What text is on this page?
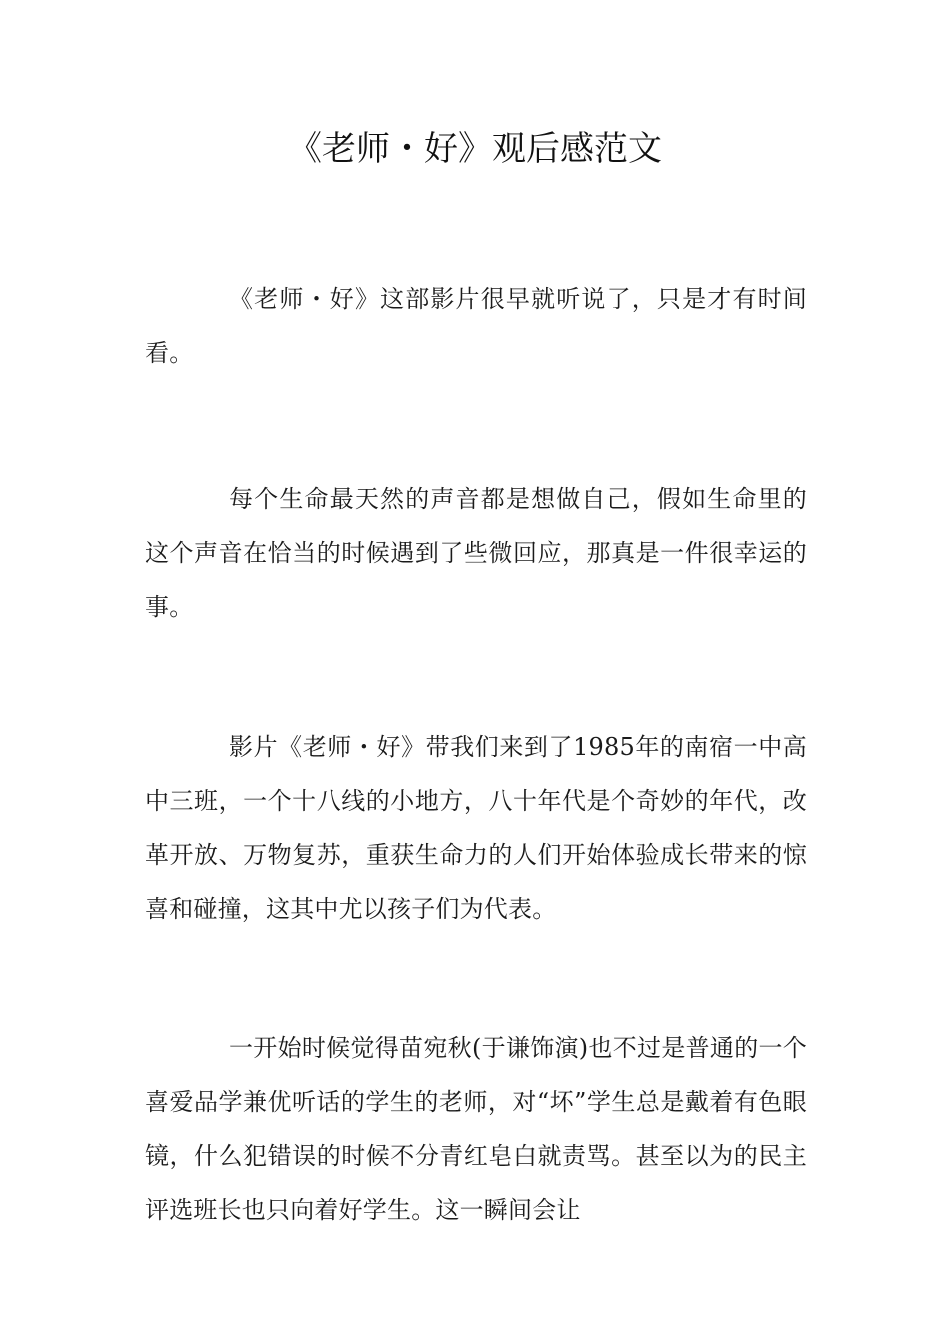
《老师・好》观后感范文

《老师・好》这部影片很早就听说了，只是才有时间看。

每个生命最天然的声音都是想做自己，假如生命里的这个声音在恰当的时候遇到了些微回应，那真是一件很幸运的事。

影片《老师・好》带我们来到了1985年的南宿一中高中三班，一个十八线的小地方，八十年代是个奇妙的年代，改革开放、万物复苏，重获生命力的人们开始体验成长带来的惊喜和碰撞，这其中尤以孩子们为代表。

一开始时候觉得苗宛秋(于谦饰演)也不过是普通的一个喜爱品学兼优听话的学生的老师，对“坏”学生总是戴着有色眼镜，什么犯错误的时候不分青红皂白就责骂。甚至以为的民主评选班长也只向着好学生。这一瞬间会让
